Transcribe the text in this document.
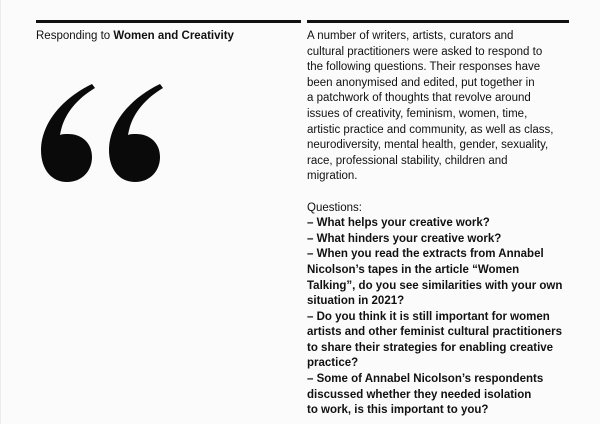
Responding to Women and Creativity	A number of writers, artists, curators and

cultural practitioners were asked to respond to

the following questions. Their responses have

been anonymised and edited, put together in

a patchwork of thoughts that revolve around

issues of creativity, feminism, women, time,

artistic practice and community, as well as class,

neurodiversity, mental health, gender, sexuality,

race, professional stability, children and

migration.

Questions:

– What helps your creative work?

– What hinders your creative work?

– When you read the extracts from Annabel

Nicolson’s tapes in the article “Women

Talking”, do you see similarities with your own

situation in 2021?

– Do you think it is still important for women

artists and other feminist cultural practitioners

to share their strategies for enabling creative

practice?

– Some of Annabel Nicolson’s respondents

discussed whether they needed isolation

to work, is this important to you?
